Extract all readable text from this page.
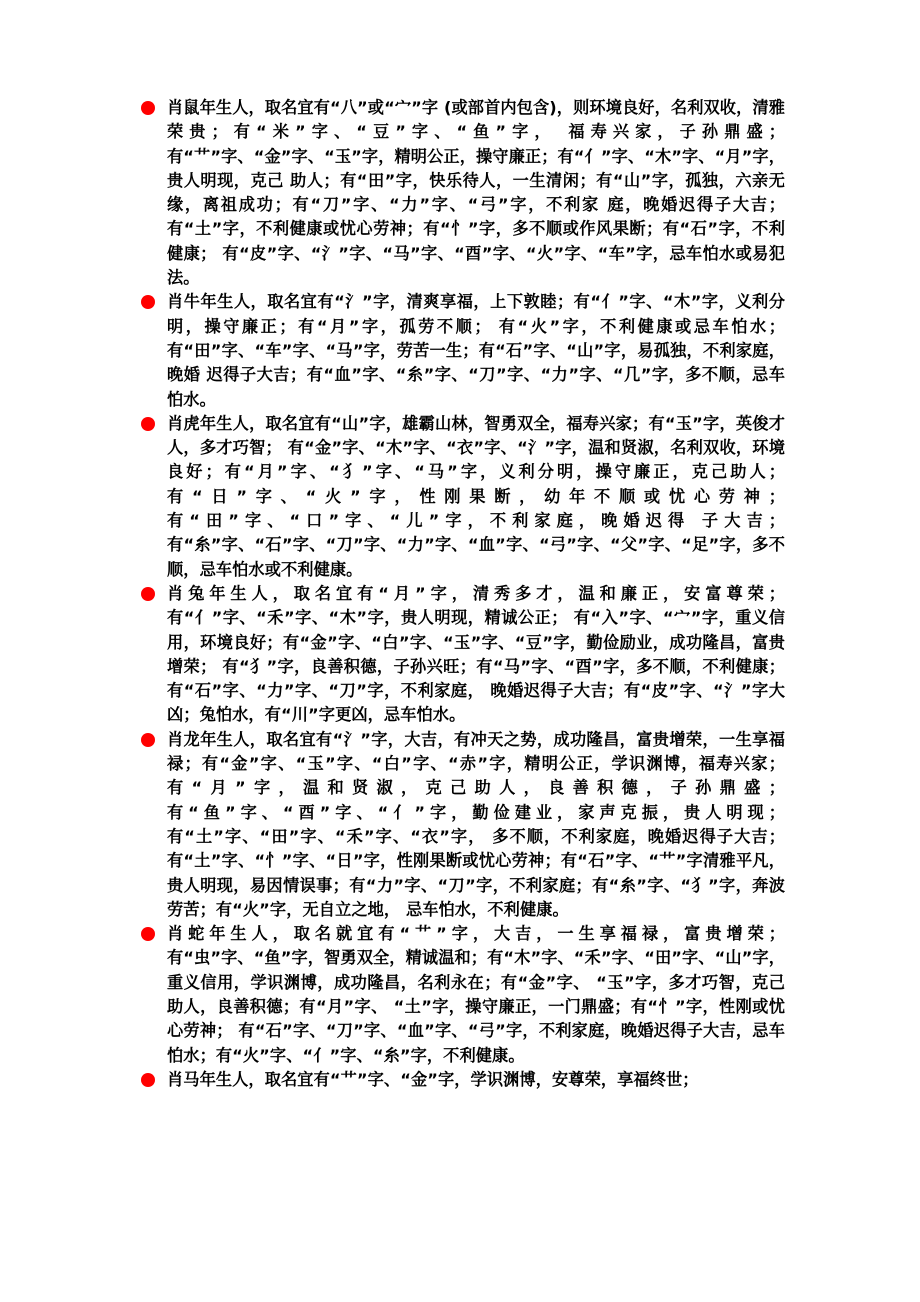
肖鼠年生人，取名宜有“八”或“宀”字 (或部首内包含)，则环境良好，名利双收，清雅荣贵；有“米”字、“豆”字、“鱼”字， 福寿兴家，子孙鼎盛；有“艹”字、“金”字、“玉”字，精明公正，操守廉正；有“亻”字、“木”字、“月”字，贵人明现，克己 助人；有“田”字，快乐待人，一生清闲；有“山”字，孤独，六亲无缘，离祖成功；有“刀”字、“力”字、“弓”字，不利家 庭，晚婚迟得子大吉；有“土”字，不利健康或忧心劳神；有“忄”字，多不顺或作风果断；有“石”字，不利健康； 有“皮”字、“氵”字、“马”字、“酉”字、“火”字、“车”字，忌车怕水或易犯法。
肖牛年生人，取名宜有“氵”字，清爽享福，上下敦睦；有“亻”字、“木”字，义利分明，操守廉正；有“月”字，孤劳不顺； 有“火”字，不利健康或忌车怕水；有“田”字、“车”字、“马”字，劳苦一生；有“石”字、“山”字，易孤独，不利家庭，晚婚 迟得子大吉；有“血”字、“糸”字、“刀”字、“力”字、“几”字，多不顺，忌车怕水。
肖虎年生人，取名宜有“山”字，雄霸山林，智勇双全，福寿兴家；有“玉”字，英俊才人，多才巧智； 有“金”字、“木”字、“衣”字、“氵”字，温和贤淑，名利双收，环境良好；有“月”字、“犭”字、“马”字，义利分明，操守廉正，克己助人；有“日”字、“火”字，性刚果断，幼年不顺或忧心劳神；有“田”字、“口”字、“儿”字，不利家庭，晚婚迟得 子大吉；有“糸”字、“石”字、“刀”字、“力”字、“血”字、“弓”字、“父”字、“足”字，多不顺，忌车怕水或不利健康。
肖兔年生人，取名宜有“月”字，清秀多才，温和廉正，安富尊荣；有“亻”字、“禾”字、“木”字，贵人明现，精诚公正； 有“入”字、“宀”字，重义信用，环境良好；有“金”字、“白”字、“玉”字、“豆”字，勤俭励业，成功隆昌，富贵增荣； 有“犭”字，良善积德，子孙兴旺；有“马”字、“酉”字，多不顺，不利健康；有“石”字、“力”字、“刀”字，不利家庭， 晚婚迟得子大吉；有“皮”字、“氵”字大凶；兔怕水，有“川”字更凶，忌车怕水。
肖龙年生人，取名宜有“氵”字，大吉，有冲天之势，成功隆昌，富贵增荣，一生享福禄；有“金”字、“玉”字、“白”字、“赤”字，精明公正，学识渊博，福寿兴家；有“月”字，温和贤淑，克己助人，良善积德，子孙鼎盛；有“鱼”字、“酉”字、“亻”字，勤俭建业，家声克振，贵人明现；有“土”字、“田”字、“禾”字、“衣”字， 多不顺，不利家庭，晚婚迟得子大吉；有“土”字、“忄”字、“日”字，性刚果断或忧心劳神；有“石”字、“艹”字清雅平凡， 贵人明现，易因情误事；有“力”字、“刀”字，不利家庭；有“糸”字、“犭”字，奔波劳苦；有“火”字，无自立之地， 忌车怕水，不利健康。
肖蛇年生人，取名就宜有“艹”字，大吉，一生享福禄，富贵增荣；有“虫”字、“鱼”字，智勇双全，精诚温和；有“木”字、“禾”字、“田”字、“山”字，重义信用，学识渊博，成功隆昌，名利永在；有“金”字、 “玉”字，多才巧智，克己助人，良善积德；有“月”字、 “土”字，操守廉正，一门鼎盛；有“忄”字，性刚或忧心劳神； 有“石”字、“刀”字、“血”字、“弓”字，不利家庭，晚婚迟得子大吉，忌车怕水；有“火”字、“亻”字、“糸”字，不利健康。
肖马年生人，取名宜有“艹”字、“金”字，学识渊博，安尊荣，享福终世；
